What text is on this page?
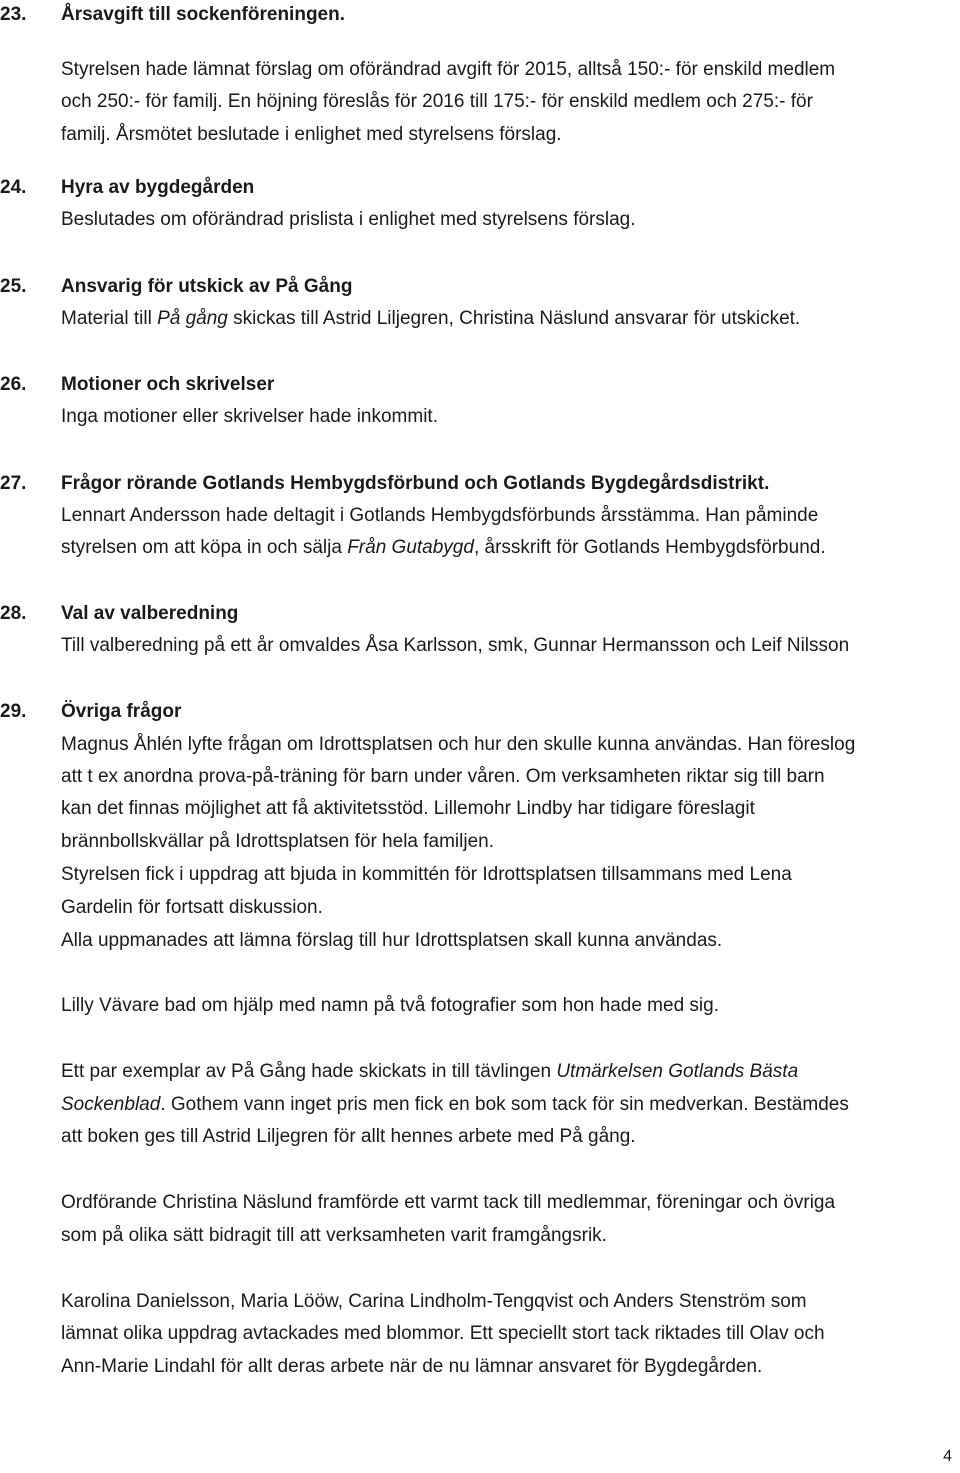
23. Årsavgift till sockenföreningen.
Styrelsen hade lämnat förslag om oförändrad avgift för 2015, alltså 150:- för enskild medlem
och 250:- för familj. En höjning föreslås för 2016 till 175:- för enskild medlem och 275:- för
familj. Årsmötet beslutade i enlighet med styrelsens förslag.
24. Hyra av bygdegården
Beslutades om oförändrad prislista i enlighet med styrelsens förslag.
25. Ansvarig för utskick av På Gång
Material till På gång skickas till Astrid Liljegren, Christina Näslund ansvarar för utskicket.
26. Motioner och skrivelser
Inga motioner eller skrivelser hade inkommit.
27. Frågor rörande Gotlands Hembygdsförbund och Gotlands Bygdegårdsdistrikt.
Lennart Andersson hade deltagit i Gotlands Hembygdsförbunds årsstämma. Han påminde
styrelsen om att köpa in och sälja Från Gutabygd, årsskrift för Gotlands Hembygdsförbund.
28. Val av valberedning
Till valberedning på ett år omvaldes Åsa Karlsson, smk, Gunnar Hermansson och Leif Nilsson
29. Övriga frågor
Magnus Åhlén lyfte frågan om Idrottsplatsen och hur den skulle kunna användas. Han föreslog
att t ex anordna prova-på-träning för barn under våren. Om verksamheten riktar sig till barn
kan det finnas möjlighet att få aktivitetsstöd. Lillemohr Lindby har tidigare föreslagit
brännbollskvällar på Idrottsplatsen för hela familjen.
Styrelsen fick i uppdrag att bjuda in kommittén för Idrottsplatsen tillsammans med Lena
Gardelin för fortsatt diskussion.
Alla uppmanades att lämna förslag till hur Idrottsplatsen skall kunna användas.
Lilly Vävare bad om hjälp med namn på två fotografier som hon hade med sig.
Ett par exemplar av På Gång hade skickats in till tävlingen Utmärkelsen Gotlands Bästa
Sockenblad. Gothem vann inget pris men fick en bok som tack för sin medverkan. Bestämdes
att boken ges till Astrid Liljegren för allt hennes arbete med På gång.
Ordförande Christina Näslund framförde ett varmt tack till medlemmar, föreningar och övriga
som på olika sätt bidragit till att verksamheten varit framgångsrik.
Karolina Danielsson, Maria Lööw, Carina Lindholm-Tengqvist och Anders Stenström som
lämnat olika uppdrag avtackades med blommor. Ett speciellt stort tack riktades till Olav och
Ann-Marie Lindahl för allt deras arbete när de nu lämnar ansvaret för Bygdegården.
4
